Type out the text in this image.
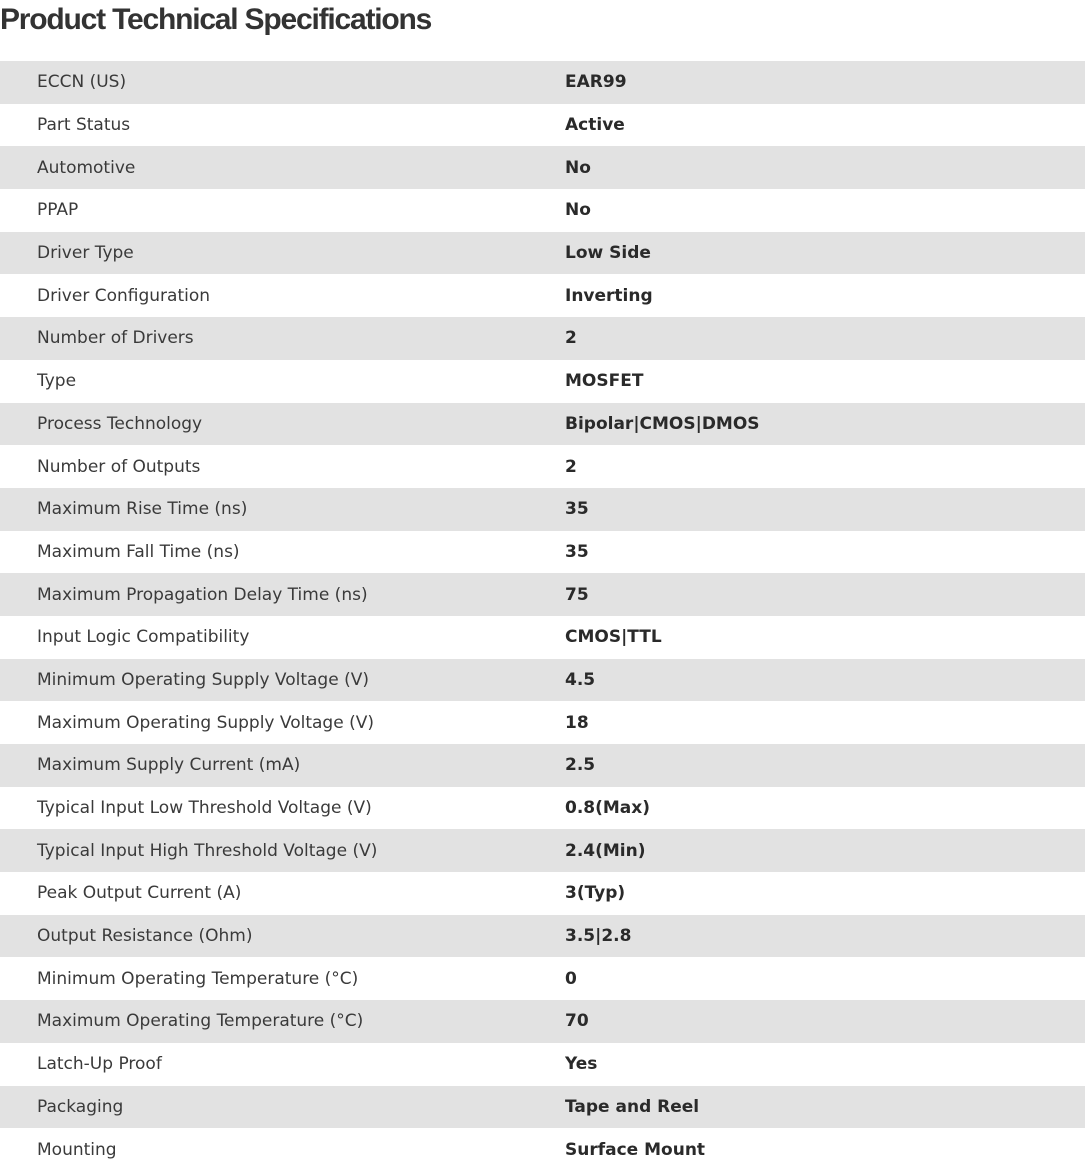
Product Technical Specifications
ECCN (US)	EAR99
Part Status	Active
Automotive	No
PPAP	No
Driver Type	Low Side
Driver Configuration	Inverting
Number of Drivers	2
Type	MOSFET
Process Technology	Bipolar|CMOS|DMOS
Number of Outputs	2
Maximum Rise Time (ns)	35
Maximum Fall Time (ns)	35
Maximum Propagation Delay Time (ns)	75
Input Logic Compatibility	CMOS|TTL
Minimum Operating Supply Voltage (V)	4.5
Maximum Operating Supply Voltage (V)	18
Maximum Supply Current (mA)	2.5
Typical Input Low Threshold Voltage (V)	0.8(Max)
Typical Input High Threshold Voltage (V)	2.4(Min)
Peak Output Current (A)	3(Typ)
Output Resistance (Ohm)	3.5|2.8
Minimum Operating Temperature (°C)	0
Maximum Operating Temperature (°C)	70
Latch-Up Proof	Yes
Packaging	Tape and Reel
Mounting	Surface Mount
